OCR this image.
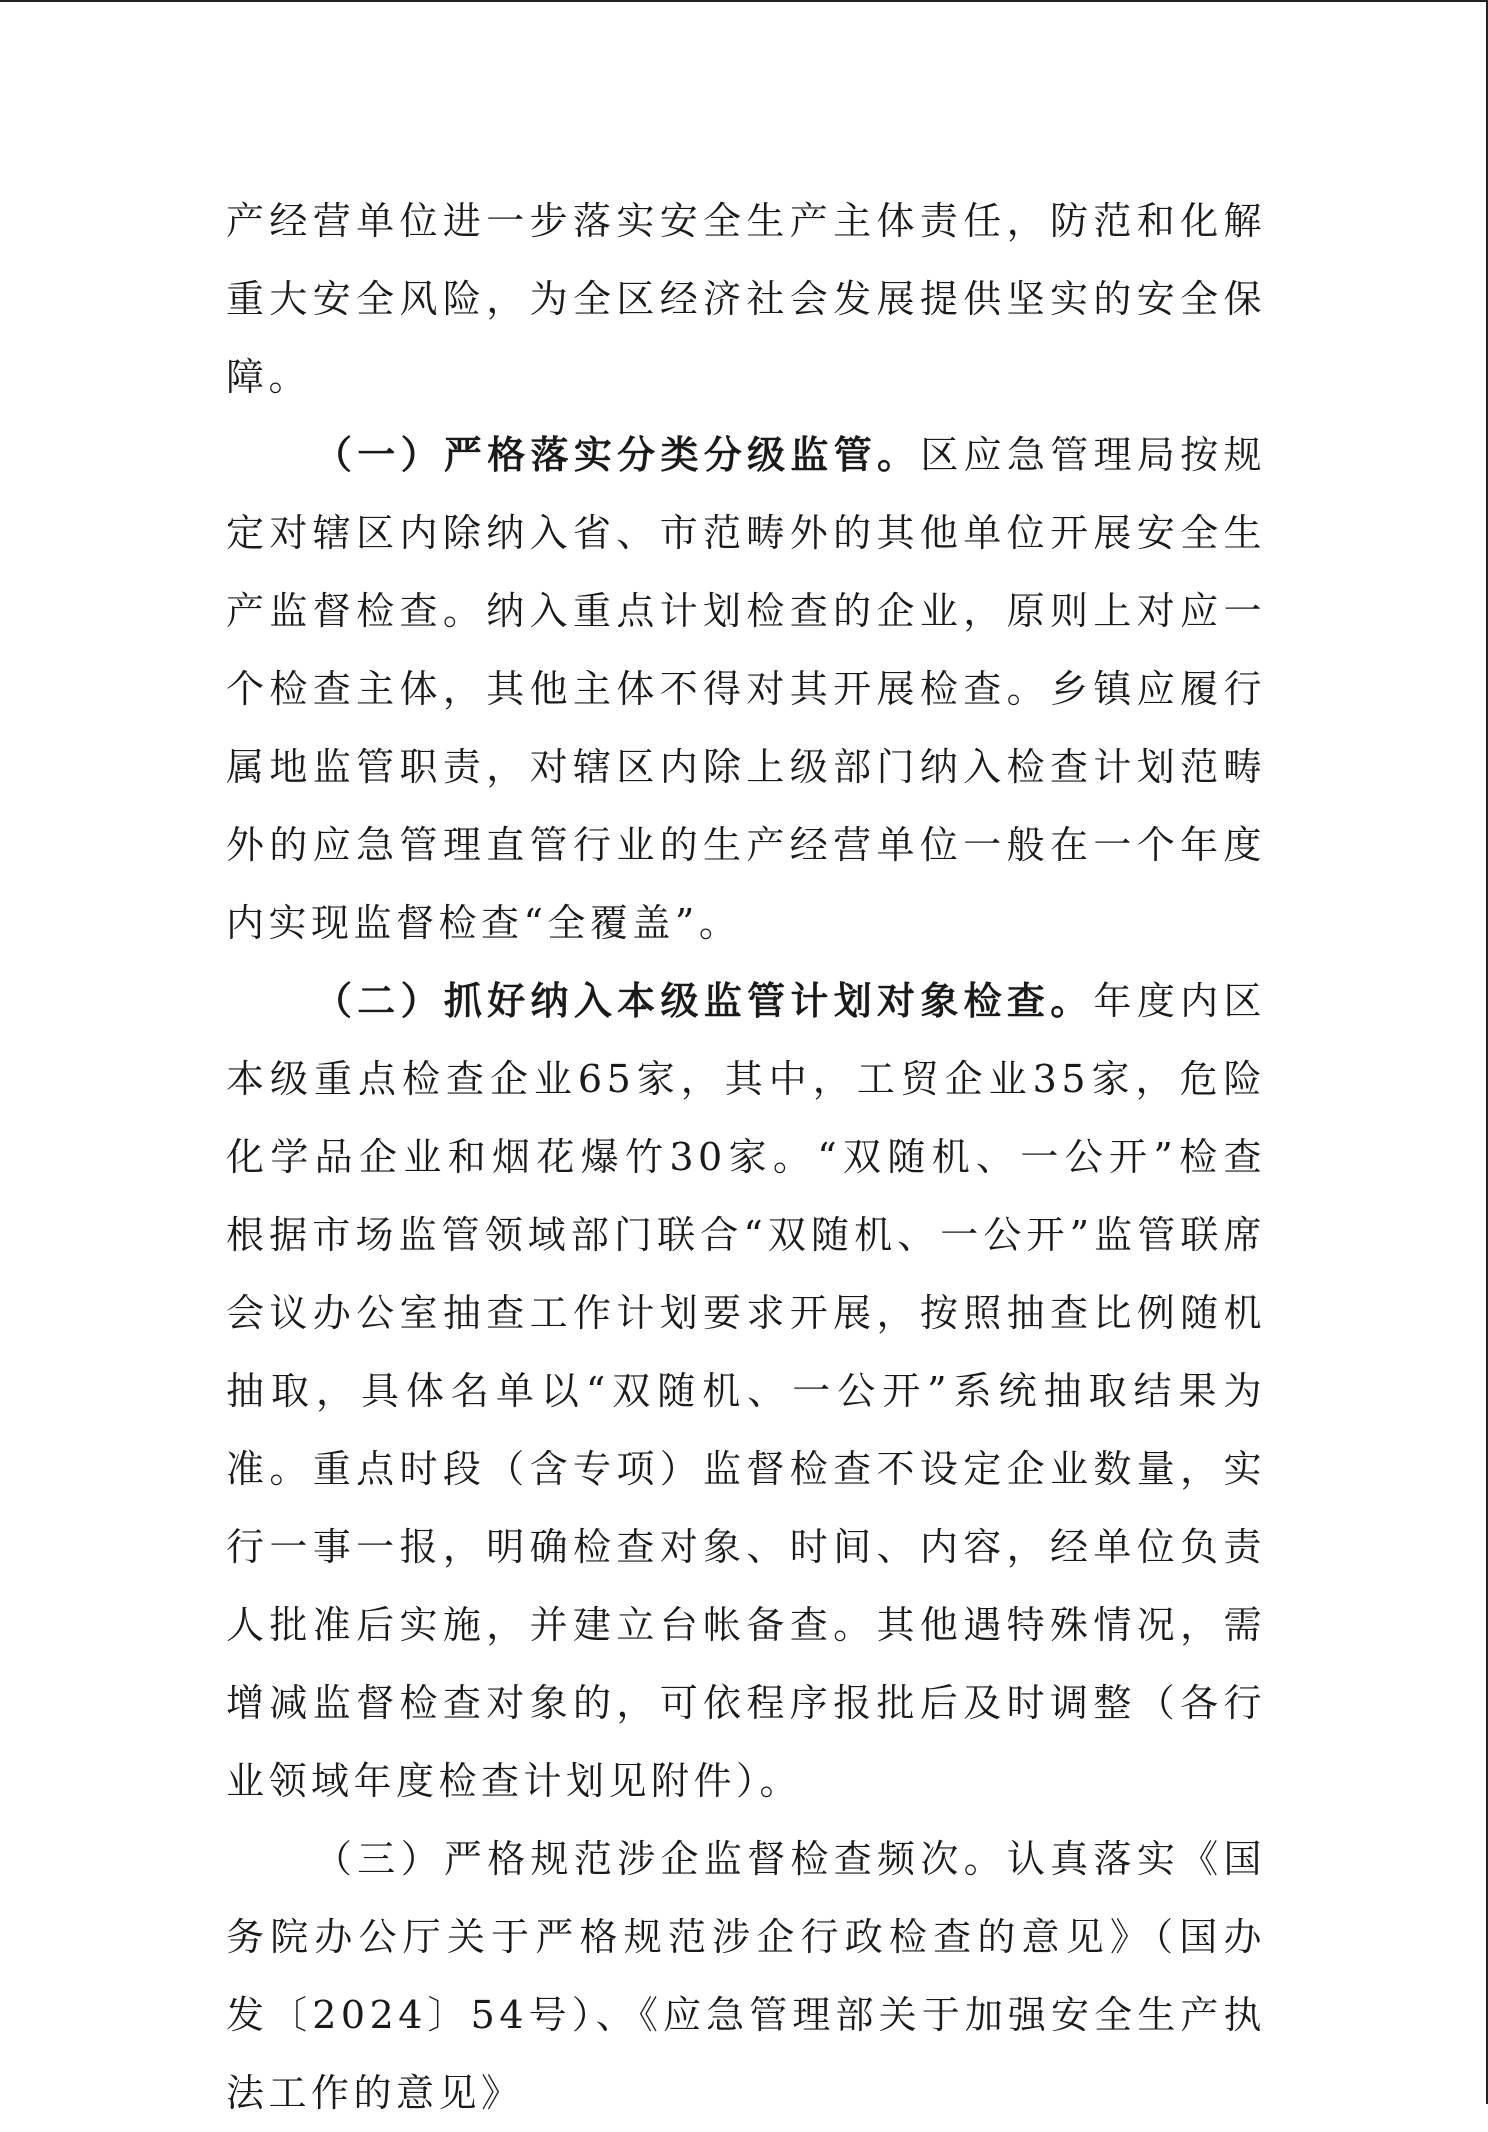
产经营单位进一步落实安全生产主体责任，防范和化解重大安全风险，为全区经济社会发展提供坚实的安全保障。

（一）严格落实分类分级监管。区应急管理局按规定对辖区内除纳入省、市范畴外的其他单位开展安全生产监督检查。纳入重点计划检查的企业，原则上对应一个检查主体，其他主体不得对其开展检查。乡镇应履行属地监管职责，对辖区内除上级部门纳入检查计划范畴外的应急管理直管行业的生产经营单位一般在一个年度内实现监督检查“全覆盖”。

（二）抓好纳入本级监管计划对象检查。年度内区本级重点检查企业65家，其中，工贸企业35家，危险化学品企业和烟花爆竹30家。“双随机、一公开”检查根据市场监管领域部门联合“双随机、一公开”监管联席会议办公室抽查工作计划要求开展，按照抽查比例随机抽取，具体名单以“双随机、一公开”系统抽取结果为准。重点时段（含专项）监督检查不设定企业数量，实行一事一报，明确检查对象、时间、内容，经单位负责人批准后实施，并建立台帐备查。其他遇特殊情况，需增减监督检查对象的，可依程序报批后及时调整（各行业领域年度检查计划见附件）。

（三）严格规范涉企监督检查频次。认真落实《国务院办公厅关于严格规范涉企行政检查的意见》（国办发〔2024〕54号）、《应急管理部关于加强安全生产执法工作的意见》
